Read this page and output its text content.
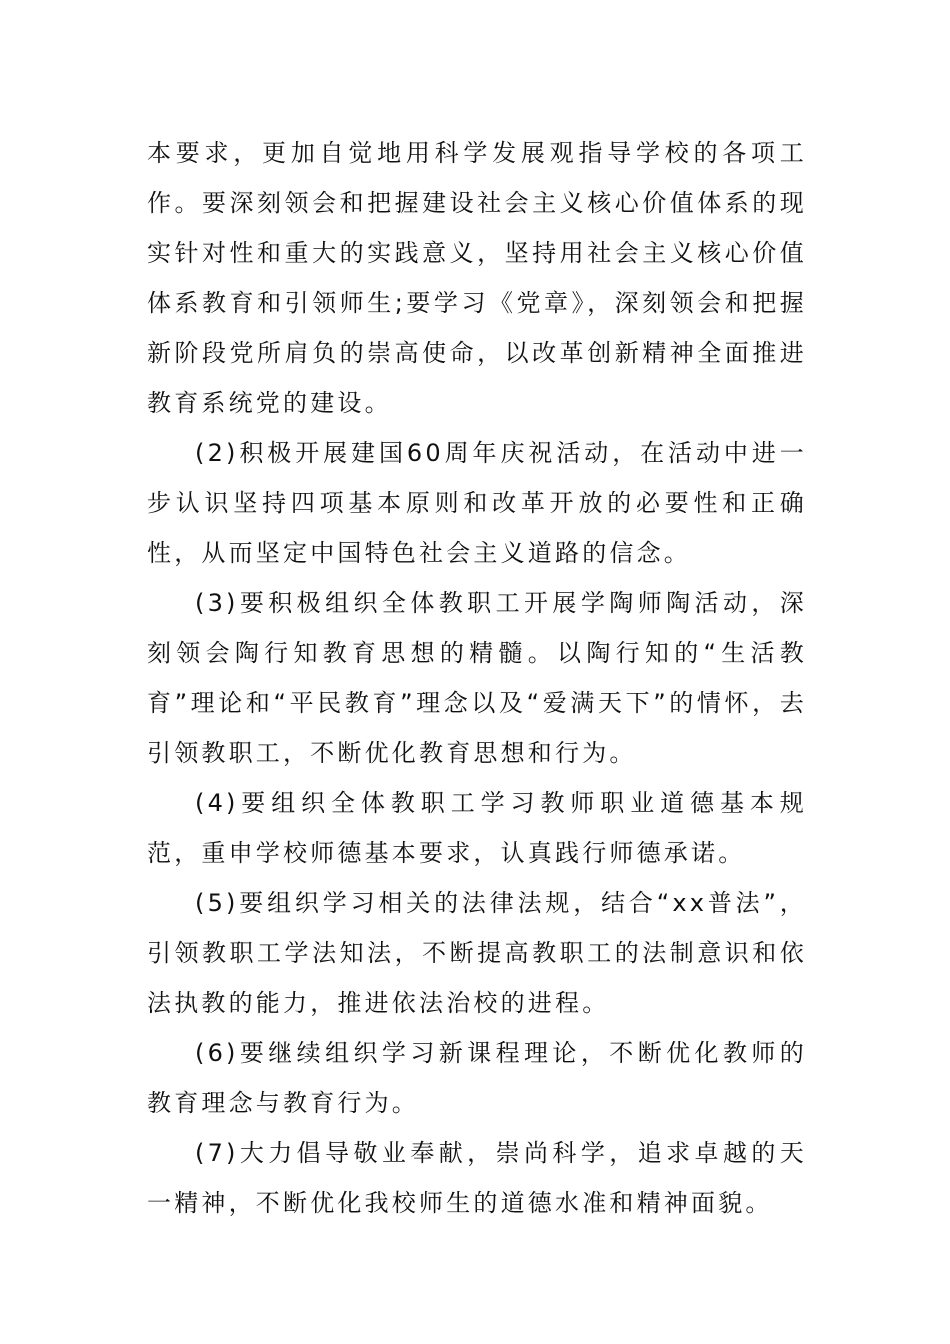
本要求，更加自觉地用科学发展观指导学校的各项工作。要深刻领会和把握建设社会主义核心价值体系的现实针对性和重大的实践意义，坚持用社会主义核心价值体系教育和引领师生;要学习《党章》，深刻领会和把握新阶段党所肩负的崇高使命，以改革创新精神全面推进教育系统党的建设。

(2)积极开展建国60周年庆祝活动，在活动中进一步认识坚持四项基本原则和改革开放的必要性和正确性，从而坚定中国特色社会主义道路的信念。

(3)要积极组织全体教职工开展学陶师陶活动，深刻领会陶行知教育思想的精髓。以陶行知的“生活教育”理论和“平民教育”理念以及“爱满天下”的情怀，去引领教职工，不断优化教育思想和行为。

(4)要组织全体教职工学习教师职业道德基本规范，重申学校师德基本要求，认真践行师德承诺。

(5)要组织学习相关的法律法规，结合“xx普法”，引领教职工学法知法，不断提高教职工的法制意识和依法执教的能力，推进依法治校的进程。

(6)要继续组织学习新课程理论，不断优化教师的教育理念与教育行为。

(7)大力倡导敬业奉献，崇尚科学，追求卓越的天一精神，不断优化我校师生的道德水准和精神面貌。
